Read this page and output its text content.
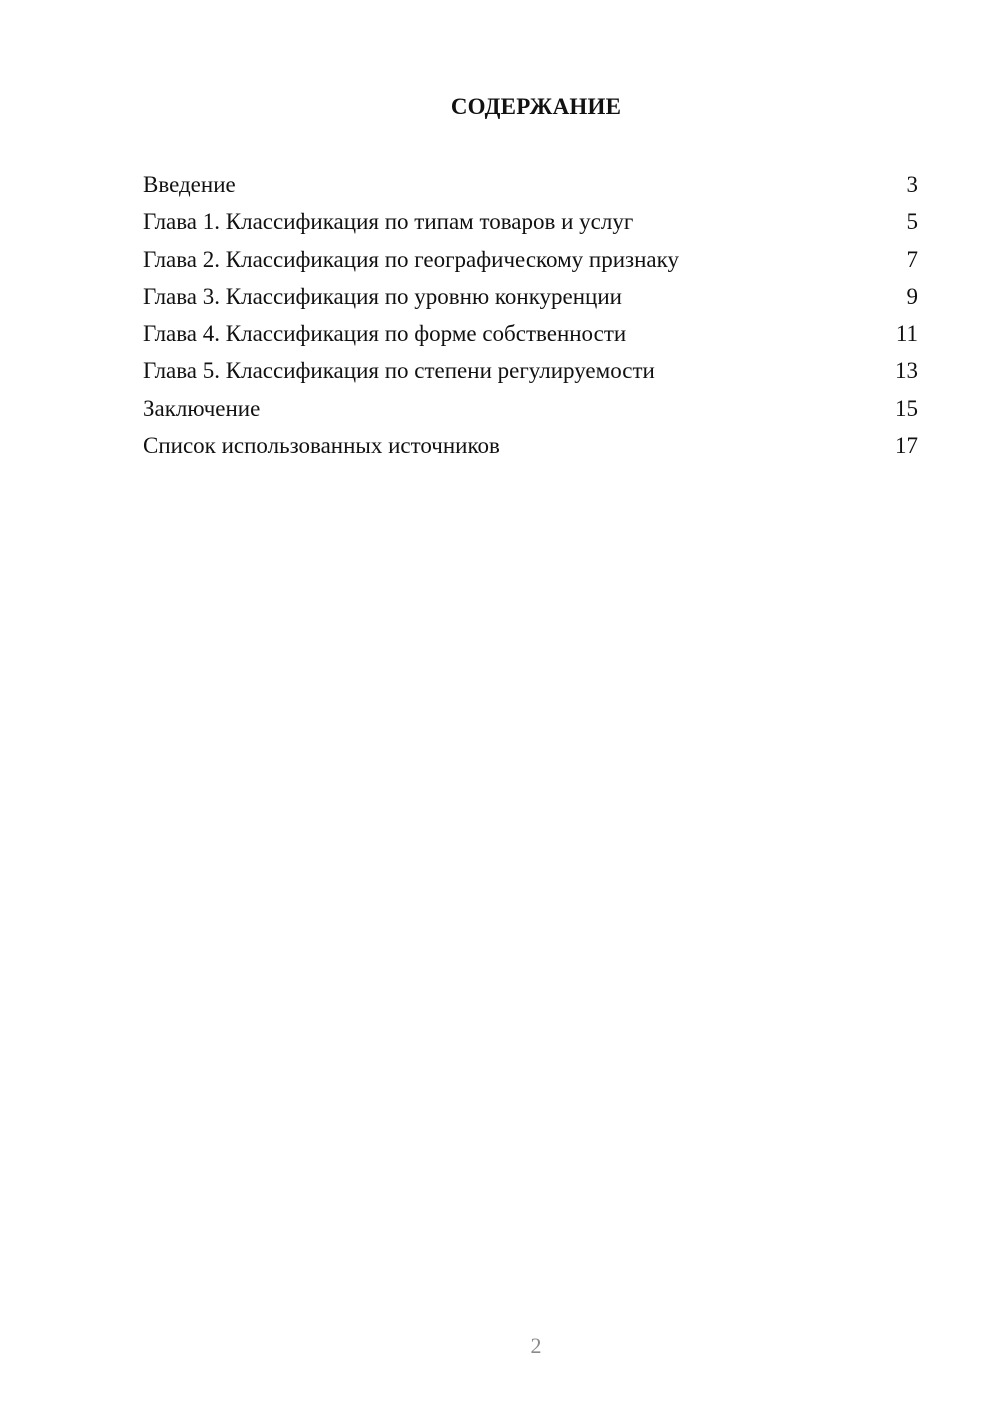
СОДЕРЖАНИЕ
Введение	3
Глава 1. Классификация по типам товаров и услуг	5
Глава 2. Классификация по географическому признаку	7
Глава 3. Классификация по уровню конкуренции	9
Глава 4. Классификация по форме собственности	11
Глава 5. Классификация по степени регулируемости	13
Заключение	15
Список использованных источников	17
2
